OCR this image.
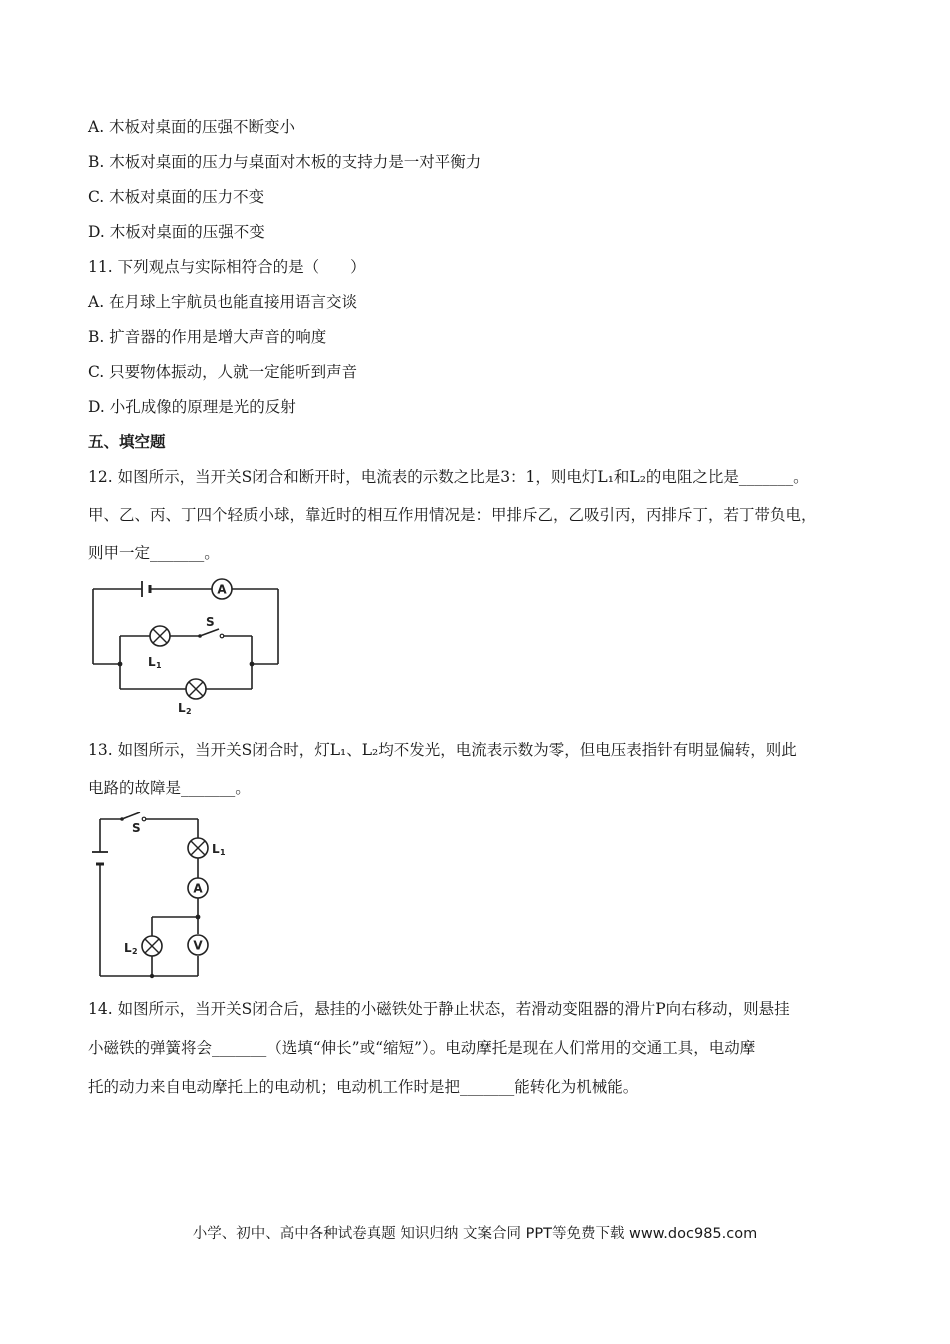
A. 木板对桌面的压强不断变小
B. 木板对桌面的压力与桌面对木板的支持力是一对平衡力
C. 木板对桌面的压力不变
D. 木板对桌面的压强不变
11. 下列观点与实际相符合的是（　　）
A. 在月球上宇航员也能直接用语言交谈
B. 扩音器的作用是增大声音的响度
C. 只要物体振动，人就一定能听到声音
D. 小孔成像的原理是光的反射
五、填空题
12. 如图所示，当开关S闭合和断开时，电流表的示数之比是3：1，则电灯L₁和L₂的电阻之比是_______。
甲、乙、丙、丁四个轻质小球，靠近时的相互作用情况是：甲排斥乙，乙吸引丙，丙排斥丁，若丁带负电，
则甲一定_______。
A
L 1
S
L 2
13. 如图所示，当开关S闭合时，灯L₁、L₂均不发光，电流表示数为零，但电压表指针有明显偏转，则此
电路的故障是_______。
S
L 1
A
L 2	V
14. 如图所示，当开关S闭合后，悬挂的小磁铁处于静止状态，若滑动变阻器的滑片P向右移动，则悬挂
小磁铁的弹簧将会_______（选填“伸长”或“缩短”）。电动摩托是现在人们常用的交通工具，电动摩
托的动力来自电动摩托上的电动机；电动机工作时是把_______能转化为机械能。
小学、初中、高中各种试卷真题 知识归纳 文案合同 PPT等免费下载 www.doc985.com
